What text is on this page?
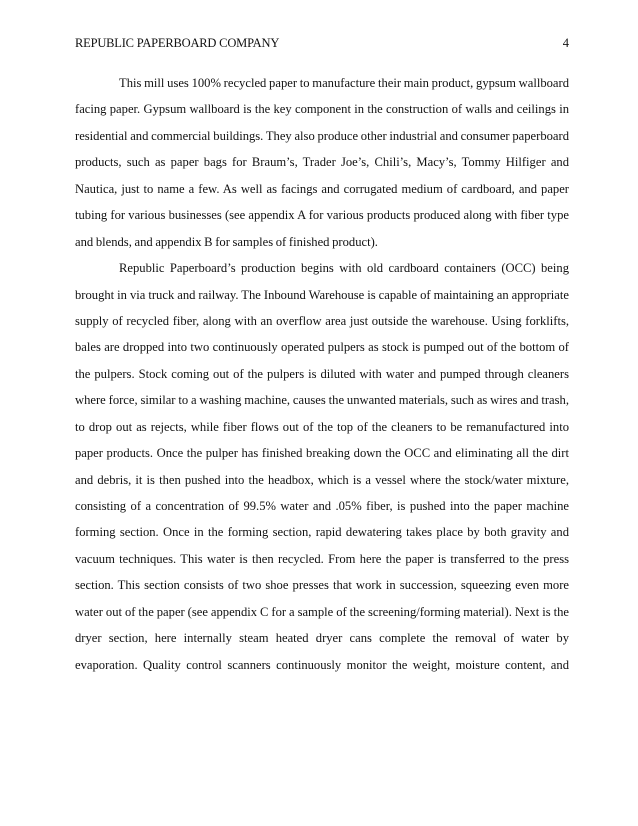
REPUBLIC PAPERBOARD COMPANY	4
This mill uses 100% recycled paper to manufacture their main product, gypsum wallboard
facing paper. Gypsum wallboard is the key component in the construction of walls and ceilings in
residential and commercial buildings. They also produce other industrial and consumer paperboard
products, such as paper bags for Braum’s, Trader Joe’s, Chili’s, Macy’s, Tommy Hilfiger and
Nautica, just to name a few. As well as facings and corrugated medium of cardboard, and paper
tubing for various businesses (see appendix A for various products produced along with fiber type
and blends, and appendix B for samples of finished product).
Republic Paperboard’s production begins with old cardboard containers (OCC) being
brought in via truck and railway. The Inbound Warehouse is capable of maintaining an appropriate
supply of recycled fiber, along with an overflow area just outside the warehouse. Using forklifts,
bales are dropped into two continuously operated pulpers as stock is pumped out of the bottom of
the pulpers. Stock coming out of the pulpers is diluted with water and pumped through cleaners
where force, similar to a washing machine, causes the unwanted materials, such as wires and trash,
to drop out as rejects, while fiber flows out of the top of the cleaners to be remanufactured into
paper products. Once the pulper has finished breaking down the OCC and eliminating all the dirt
and debris, it is then pushed into the headbox, which is a vessel where the stock/water mixture,
consisting of a concentration of 99.5% water and .05% fiber, is pushed into the paper machine
forming section. Once in the forming section, rapid dewatering takes place by both gravity and
vacuum techniques. This water is then recycled. From here the paper is transferred to the press
section. This section consists of two shoe presses that work in succession, squeezing even more
water out of the paper (see appendix C for a sample of the screening/forming material). Next is the
dryer section, here internally steam heated dryer cans complete the removal of water by
evaporation. Quality control scanners continuously monitor the weight, moisture content, and
